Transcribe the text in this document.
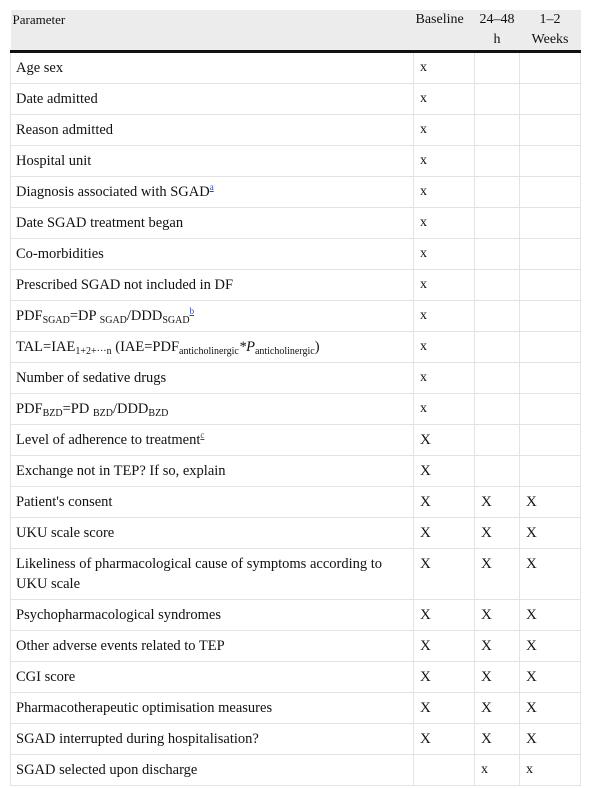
Parameter	Baseline	24–48 h	1–2 Weeks
Age sex	x		
Date admitted	x		
Reason admitted	x		
Hospital unit	x		
Diagnosis associated with SGAD$^a$	x		
Date SGAD treatment began	x		
Co-morbidities	x		
Prescribed SGAD not included in DF	x		
$PDF_{SGAD}=DP$ $_{SGAD}/DDD_{SGAD}^b$	x		
$TAL=IAE_{1+2+\cdot\cdot\cdot n}$ $(IAE=PDF_{anticholinergic}*P_{anticholinergic})$	x		
Number of sedative drugs	x		
$PDF_{BZD}=PD$ $_{BZD}/DDD_{BZD}$	x		
Level of adherence to treatment$^c$	X		
Exchange not in TEP? If so, explain	X		
Patient's consent	X	X	X
UKU scale score	X	X	X
Likeliness of pharmacological cause of symptoms according to UKU scale	X	X	X
Psychopharmacological syndromes	X	X	X
Other adverse events related to TEP	X	X	X
CGI score	X	X	X
Pharmacotherapeutic optimisation measures	X	X	X
SGAD interrupted during hospitalisation?	X	X	X
SGAD selected upon discharge		x	x
